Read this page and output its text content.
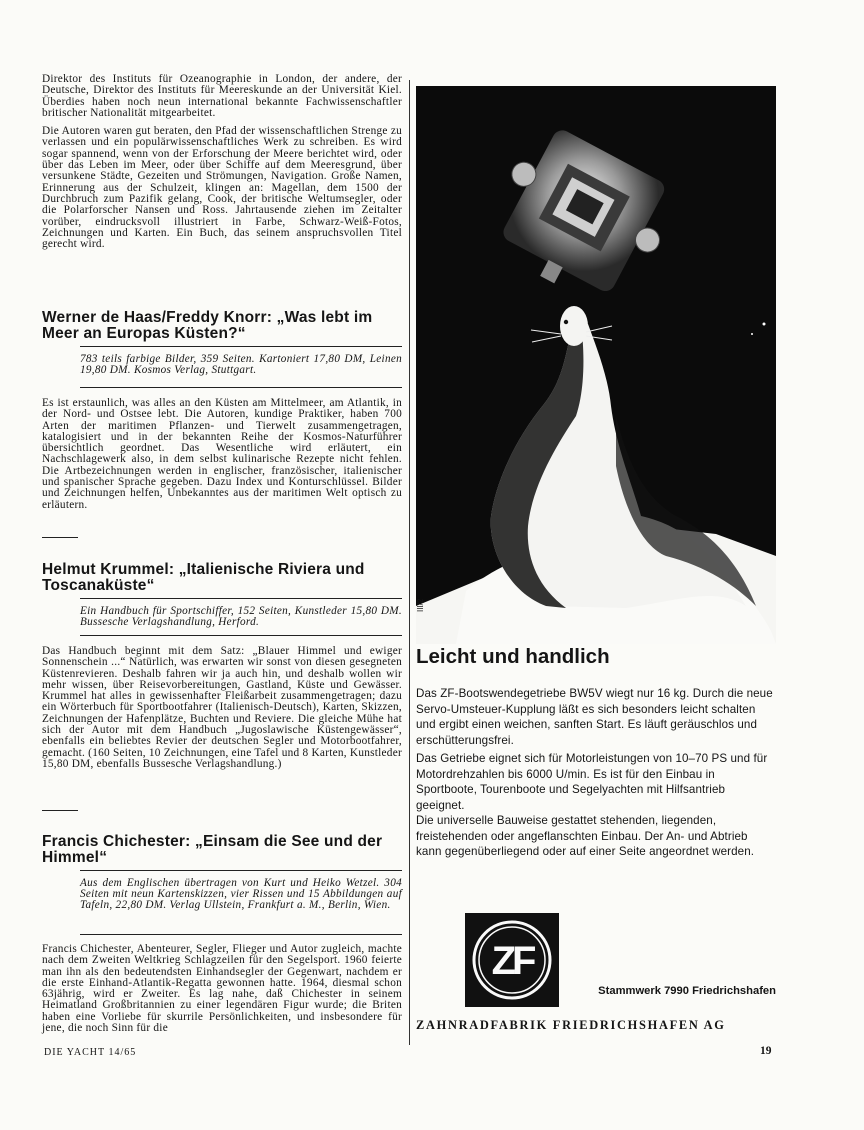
Direktor des Instituts für Ozeanographie in London, der andere, der Deutsche, Direktor des Instituts für Meereskunde an der Universität Kiel. Überdies haben noch neun international bekannte Fachwissenschaftler britischer Nationalität mitgearbeitet.

Die Autoren waren gut beraten, den Pfad der wissenschaftlichen Strenge zu verlassen und ein populärwissenschaftliches Werk zu schreiben. Es wird sogar spannend, wenn von der Erforschung der Meere berichtet wird, oder über das Leben im Meer, oder über Schiffe auf dem Meeresgrund, über versunkene Städte, Gezeiten und Strömungen, Navigation. Große Namen, Erinnerung aus der Schulzeit, klingen an: Magellan, dem 1500 der Durchbruch zum Pazifik gelang, Cook, der britische Weltumsegler, oder die Polarforscher Nansen und Ross. Jahrtausende ziehen im Zeitalter vorüber, eindrucksvoll illustriert in Farbe, Schwarz-Weiß-Fotos, Zeichnungen und Karten. Ein Buch, das seinem anspruchsvollen Titel gerecht wird.

Werner de Haas/Freddy Knorr: „Was lebt im Meer an Europas Küsten?“

783 teils farbige Bilder, 359 Seiten. Kartoniert 17,80 DM, Leinen 19,80 DM. Kosmos Verlag, Stuttgart.

Es ist erstaunlich, was alles an den Küsten am Mittelmeer, am Atlantik, in der Nord- und Ostsee lebt. Die Autoren, kundige Praktiker, haben 700 Arten der maritimen Pflanzen- und Tierwelt zusammengetragen, katalogisiert und in der bekannten Reihe der Kosmos-Naturführer übersichtlich geordnet. Das Wesentliche wird erläutert, ein Nachschlagewerk also, in dem selbst kulinarische Rezepte nicht fehlen. Die Artbezeichnungen werden in englischer, französischer, italienischer und spanischer Sprache gegeben. Dazu Index und Konturschlüssel. Bilder und Zeichnungen helfen, Unbekanntes aus der maritimen Welt optisch zu erläutern.

Helmut Krummel: „Italienische Riviera und Toscanaküste“

Ein Handbuch für Sportschiffer, 152 Seiten, Kunstleder 15,80 DM. Bussesche Verlagshandlung, Herford.

Das Handbuch beginnt mit dem Satz: „Blauer Himmel und ewiger Sonnenschein ...“ Natürlich, was erwarten wir sonst von diesen gesegneten Küstenrevieren. Deshalb fahren wir ja auch hin, und deshalb wollen wir mehr wissen, über Reisevorbereitungen, Gastland, Küste und Gewässer. Krummel hat alles in gewissenhafter Fleißarbeit zusammengetragen; dazu ein Wörterbuch für Sportbootfahrer (Italienisch-Deutsch), Karten, Skizzen, Zeichnungen der Hafenplätze, Buchten und Reviere. Die gleiche Mühe hat sich der Autor mit dem Handbuch „Jugoslawische Küstengewässer“, ebenfalls ein beliebtes Revier der deutschen Segler und Motorbootfahrer, gemacht. (160 Seiten, 10 Zeichnungen, eine Tafel und 8 Karten, Kunstleder 15,80 DM, ebenfalls Bussesche Verlagshandlung.)

Francis Chichester: „Einsam die See und der Himmel“

Aus dem Englischen übertragen von Kurt und Heiko Wetzel. 304 Seiten mit neun Kartenskizzen, vier Rissen und 15 Abbildungen auf Tafeln, 22,80 DM. Verlag Ullstein, Frankfurt a. M., Berlin, Wien.

Francis Chichester, Abenteurer, Segler, Flieger und Autor zugleich, machte nach dem Zweiten Weltkrieg Schlagzeilen für den Segelsport. 1960 feierte man ihn als den bedeutendsten Einhandsegler der Gegenwart, nachdem er die erste Einhand-Atlantik-Regatta gewonnen hatte. 1964, diesmal schon 63jährig, wird er Zweiter. Es lag nahe, daß Chichester in seinem Heimatland Großbritannien zu einer legendären Figur wurde; die Briten haben eine Vorliebe für skurrile Persönlichkeiten, und insbesondere für jene, die noch Sinn für die

III/2
Leicht und handlich

Das ZF-Bootswendegetriebe BW5V wiegt nur 16 kg. Durch die neue Servo-Umsteuer-Kupplung läßt es sich besonders leicht schalten und ergibt einen weichen, sanften Start. Es läuft geräuschlos und erschütterungsfrei.

Das Getriebe eignet sich für Motorleistungen von 10–70 PS und für Motordrehzahlen bis 6000 U/min. Es ist für den Einbau in Sportboote, Tourenboote und Segelyachten mit Hilfsantrieb geeignet.

Die universelle Bauweise gestattet stehenden, liegenden, freistehenden oder angeflanschten Einbau. Der An- und Abtrieb kann gegenüberliegend oder auf einer Seite angeordnet werden.

ZF

Stammwerk 7990 Friedrichshafen

ZAHNRADFABRIK FRIEDRICHSHAFEN AG

DIE YACHT 14/65	19
